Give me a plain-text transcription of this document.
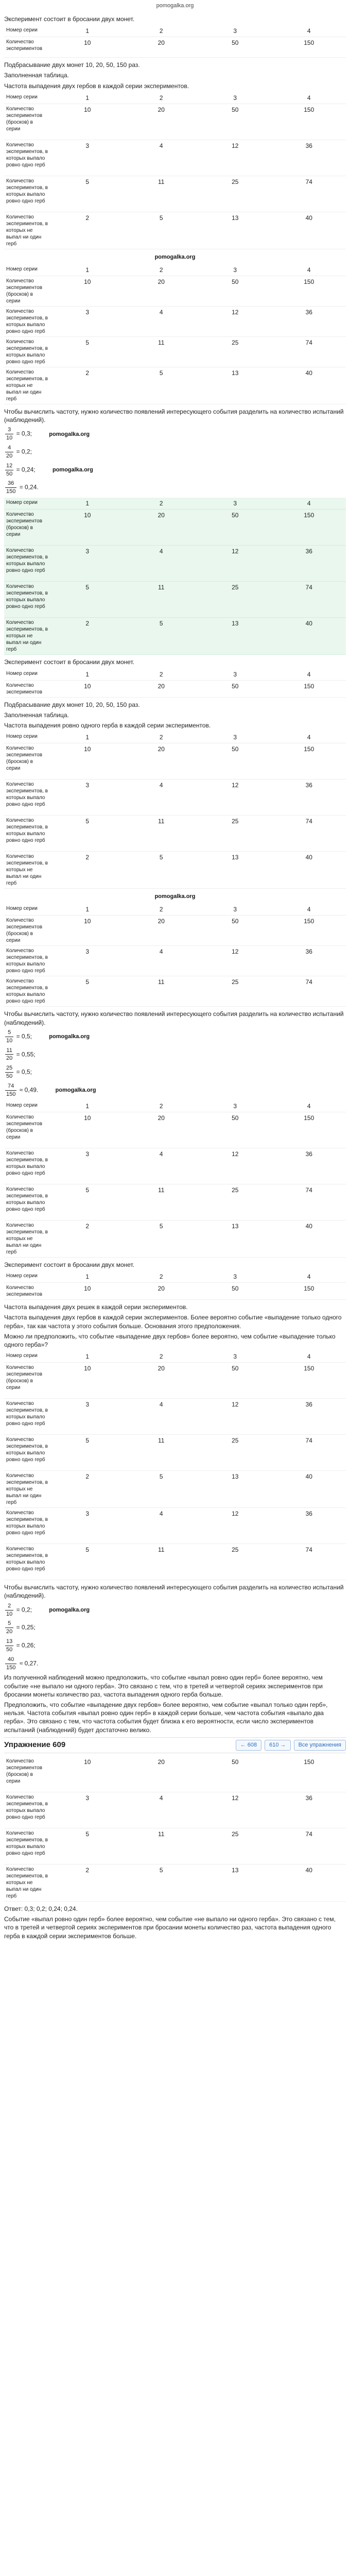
pomogalka.org

Эксперимент состоит в бросании двух монет.

Номер серии	1	2	3	4
Количество экспериментов	10	20	50	150

Подбрасывание двух монет 10, 20, 50, 150 раз.

Заполненная таблица.

Частота выпадения двух гербов в каждой серии экспериментов.

Номер серии	1	2	3	4
Количество экспериментов (бросков) в серии	10	20	50	150
Количество экспериментов, в которых выпало ровно одно герб	3	4	12	36
Количество экспериментов, в которых выпало ровно одно герб	5	11	25	74
Количество экспериментов, в которых не выпал ни один герб	2	5	13	40
pomogalka.org
Номер серии	1	2	3	4
Количество экспериментов (бросков) в серии	10	20	50	150
Количество экспериментов, в которых выпало ровно одно герб	3	4	12	36
Количество экспериментов, в которых выпало ровно одно герб	5	11	25	74
Количество экспериментов, в которых не выпал ни один герб	2	5	13	40

Чтобы вычислить частоту, нужно количество появлений интересующего события разделить на количество испытаний (наблюдений).

$\frac{3}{10} = 0,3$;	pomogalka.org
$\frac{4}{20} = 0,2$;
$\frac{12}{50} = 0,24$;	pomogalka.org
$\frac{36}{150} = 0,24$.
Номер серии	1	2	3	4
Количество экспериментов (бросков) в серии	10	20	50	150
Количество экспериментов, в которых выпало ровно одно герб	3	4	12	36
Количество экспериментов, в которых выпало ровно одно герб	5	11	25	74
Количество экспериментов, в которых не выпал ни один герб	2	5	13	40

Эксперимент состоит в бросании двух монет.

Номер серии	1	2	3	4
Количество экспериментов	10	20	50	150

Подбрасывание двух монет 10, 20, 50, 150 раз.

Заполненная таблица.

Частота выпадения ровно одного герба в каждой серии экспериментов.

Номер серии	1	2	3	4
Количество экспериментов (бросков) в серии	10	20	50	150
Количество экспериментов, в которых выпало ровно одно герб	3	4	12	36
Количество экспериментов, в которых выпало ровно одно герб	5	11	25	74
Количество экспериментов, в которых не выпал ни один герб	2	5	13	40
pomogalka.org
Номер серии	1	2	3	4
Количество экспериментов (бросков) в серии	10	20	50	150
Количество экспериментов, в которых выпало ровно одно герб	3	4	12	36
Количество экспериментов, в которых выпало ровно одно герб	5	11	25	74

Чтобы вычислить частоту, нужно количество появлений интересующего события разделить на количество испытаний (наблюдений).

$\frac{5}{10} = 0,5$;	pomogalka.org
$\frac{11}{20} = 0,55$;
$\frac{25}{50} = 0,5$;
$\frac{74}{150} \approx 0,49$.	pomogalka.org
Номер серии	1	2	3	4
Количество экспериментов (бросков) в серии	10	20	50	150
Количество экспериментов, в которых выпало ровно одно герб	3	4	12	36
Количество экспериментов, в которых выпало ровно одно герб	5	11	25	74
Количество экспериментов, в которых не выпал ни один герб	2	5	13	40

Эксперимент состоит в бросании двух монет.

Номер серии	1	2	3	4
Количество экспериментов	10	20	50	150

Частота выпадения двух решек в каждой серии экспериментов.

Частота выпадения двух гербов в каждой серии экспериментов. Более вероятно событие «выпадение только одного герба», так как частота у этого события больше. Основания этого предположения.

Можно ли предположить, что событие «выпадение двух гербов» более вероятно, чем событие «выпадение только одного герба»?

Номер серии	1	2	3	4
Количество экспериментов (бросков) в серии	10	20	50	150
Количество экспериментов, в которых выпало ровно одно герб	3	4	12	36
Количество экспериментов, в которых выпало ровно одно герб	5	11	25	74
Количество экспериментов, в которых не выпал ни один герб	2	5	13	40
Количество экспериментов, в которых выпало ровно одно герб	3	4	12	36
Количество экспериментов, в которых выпало ровно одно герб	5	11	25	74

Чтобы вычислить частоту, нужно количество появлений интересующего события разделить на количество испытаний (наблюдений).

$\frac{2}{10} = 0,2$;	pomogalka.org
$\frac{5}{20} = 0,25$;
$\frac{13}{50} = 0,26$;
$\frac{40}{150} \approx 0,27$.

Из полученной наблюдений можно предположить, что событие «выпал ровно один герб» более вероятно, чем событие «не выпало ни одного герба». Это связано с тем, что в третей и четвертой сериях экспериментов при бросании монеты количество раз, частота выпадения одного герба больше.

Предположить, что событие «выпадение двух гербов» более вероятно, чем событие «выпал только один герб», нельзя. Частота события «выпал ровно один герб» в каждой серии больше, чем частота события «выпало два герба». Это связано с тем, что частота события будет близка к его вероятности, если число экспериментов испытаний (наблюдений) будет достаточно велико.

Упражнение 609	← 608	610 →	Все упражнения
Количество экспериментов (бросков) в серии	10	20	50	150
Количество экспериментов, в которых выпало ровно одно герб	3	4	12	36
Количество экспериментов, в которых выпало ровно одно герб	5	11	25	74
Количество экспериментов, в которых не выпал ни один герб	2	5	13	40

Ответ: 0,3; 0,2; 0,24; 0,24.

Событие «выпал ровно один герб» более вероятно, чем событие «не выпало ни одного герба». Это связано с тем, что в третей и четвертой сериях экспериментов при бросании монеты количество раз, частота выпадения одного герба в каждой серии экспериментов больше.
